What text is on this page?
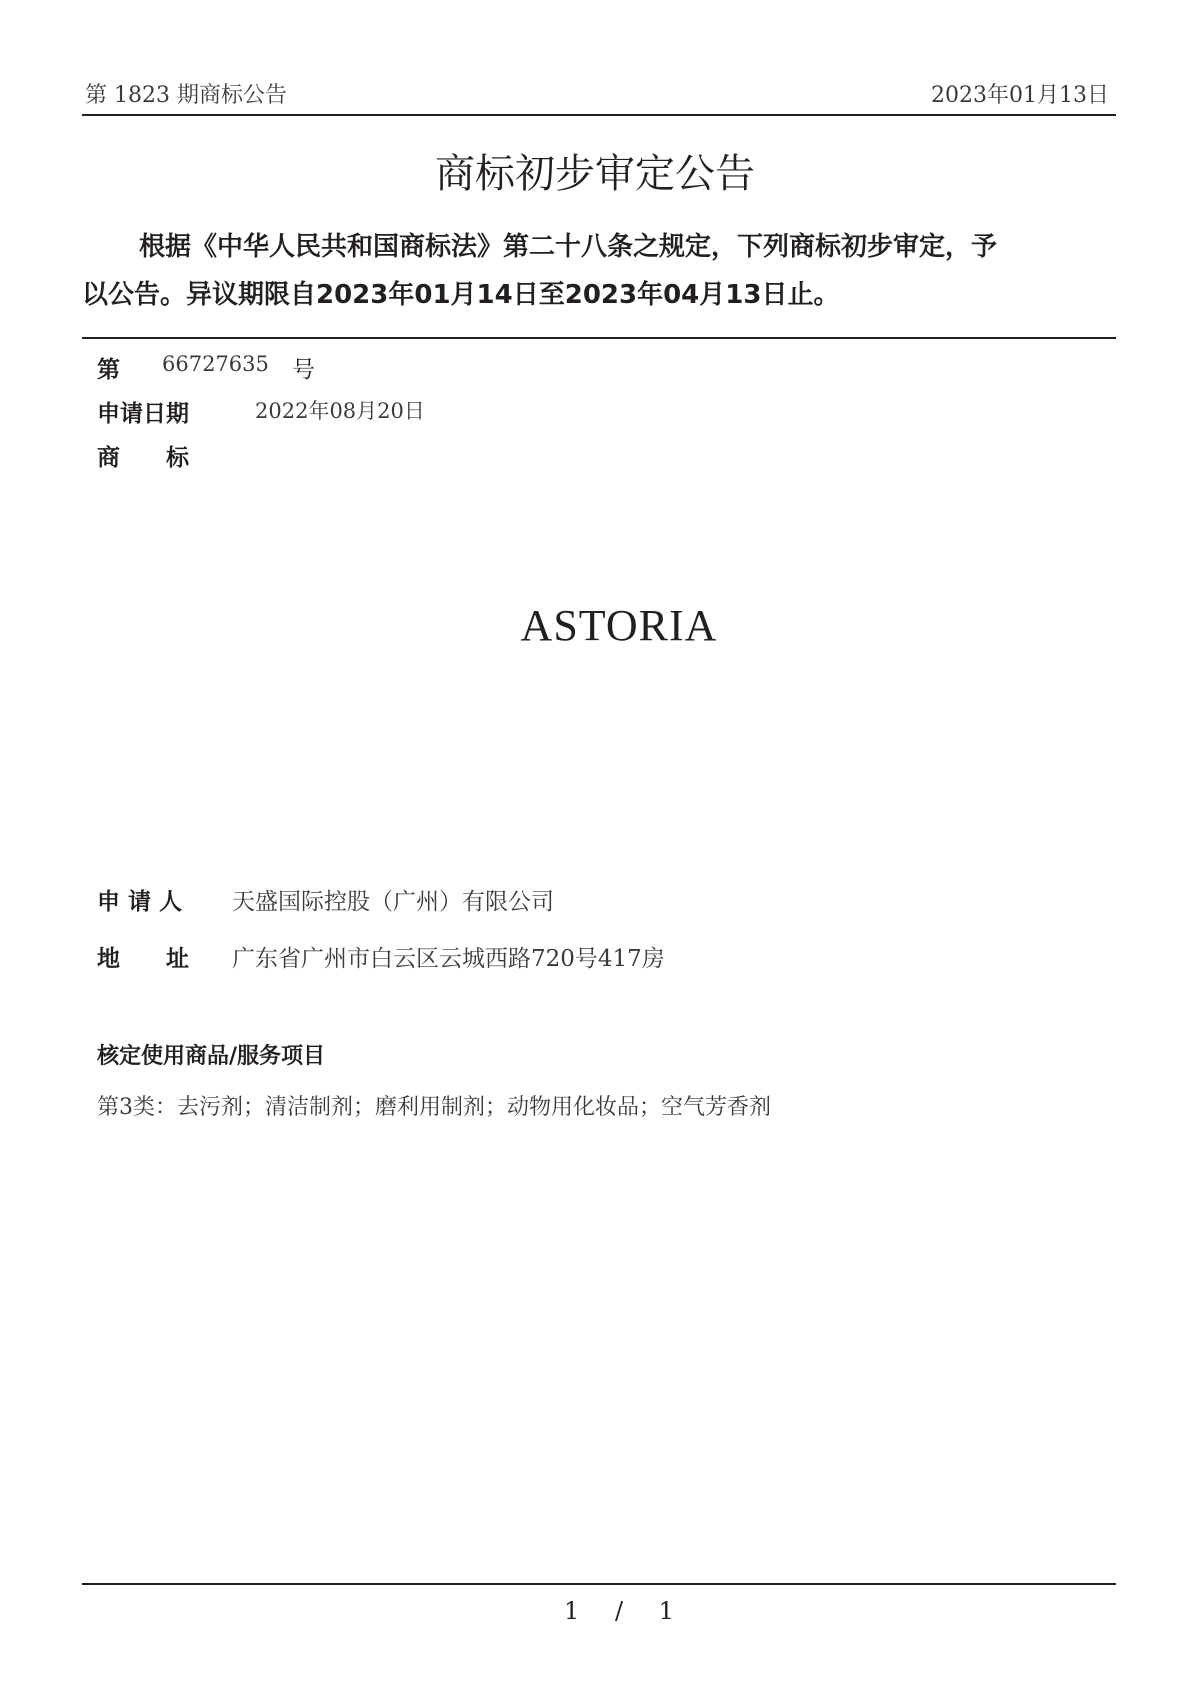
第 1823 期商标公告	2023年01月13日
商标初步审定公告
根据《中华人民共和国商标法》第二十八条之规定，下列商标初步审定，予
以公告。异议期限自2023年01月14日至2023年04月13日止。
第 66727635 号
申请日期	2022年08月20日
商　　标
ASTORIA
申 请 人 天盛国际控股（广州）有限公司
地　　址 广东省广州市白云区云城西路720号417房
核定使用商品/服务项目
第3类：去污剂；清洁制剂；磨利用制剂；动物用化妆品；空气芳香剂
1 / 1
